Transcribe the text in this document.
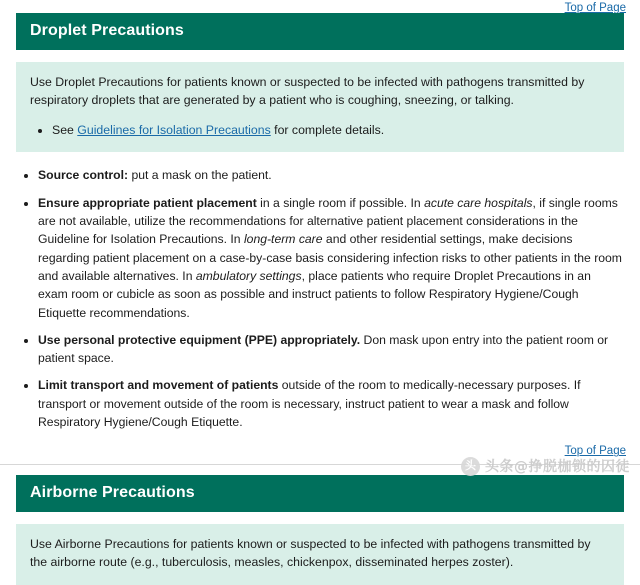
Top of Page
Droplet Precautions

Use Droplet Precautions for patients known or suspected to be infected with pathogens transmitted by respiratory droplets that are generated by a patient who is coughing, sneezing, or talking.

• See Guidelines for Isolation Precautions for complete details.
• Source control: put a mask on the patient.
• Ensure appropriate patient placement in a single room if possible. In acute care hospitals, if single rooms are not available, utilize the recommendations for alternative patient placement considerations in the Guideline for Isolation Precautions. In long-term care and other residential settings, make decisions regarding patient placement on a case-by-case basis considering infection risks to other patients in the room and available alternatives. In ambulatory settings, place patients who require Droplet Precautions in an exam room or cubicle as soon as possible and instruct patients to follow Respiratory Hygiene/Cough Etiquette recommendations.
• Use personal protective equipment (PPE) appropriately. Don mask upon entry into the patient room or patient space.
• Limit transport and movement of patients outside of the room to medically-necessary purposes. If transport or movement outside of the room is necessary, instruct patient to wear a mask and follow Respiratory Hygiene/Cough Etiquette.
Top of Page
Airborne Precautions

Use Airborne Precautions for patients known or suspected to be infected with pathogens transmitted by the airborne route (e.g., tuberculosis, measles, chickenpox, disseminated herpes zoster).

头 头条@挣脱枷锁的囚徒
